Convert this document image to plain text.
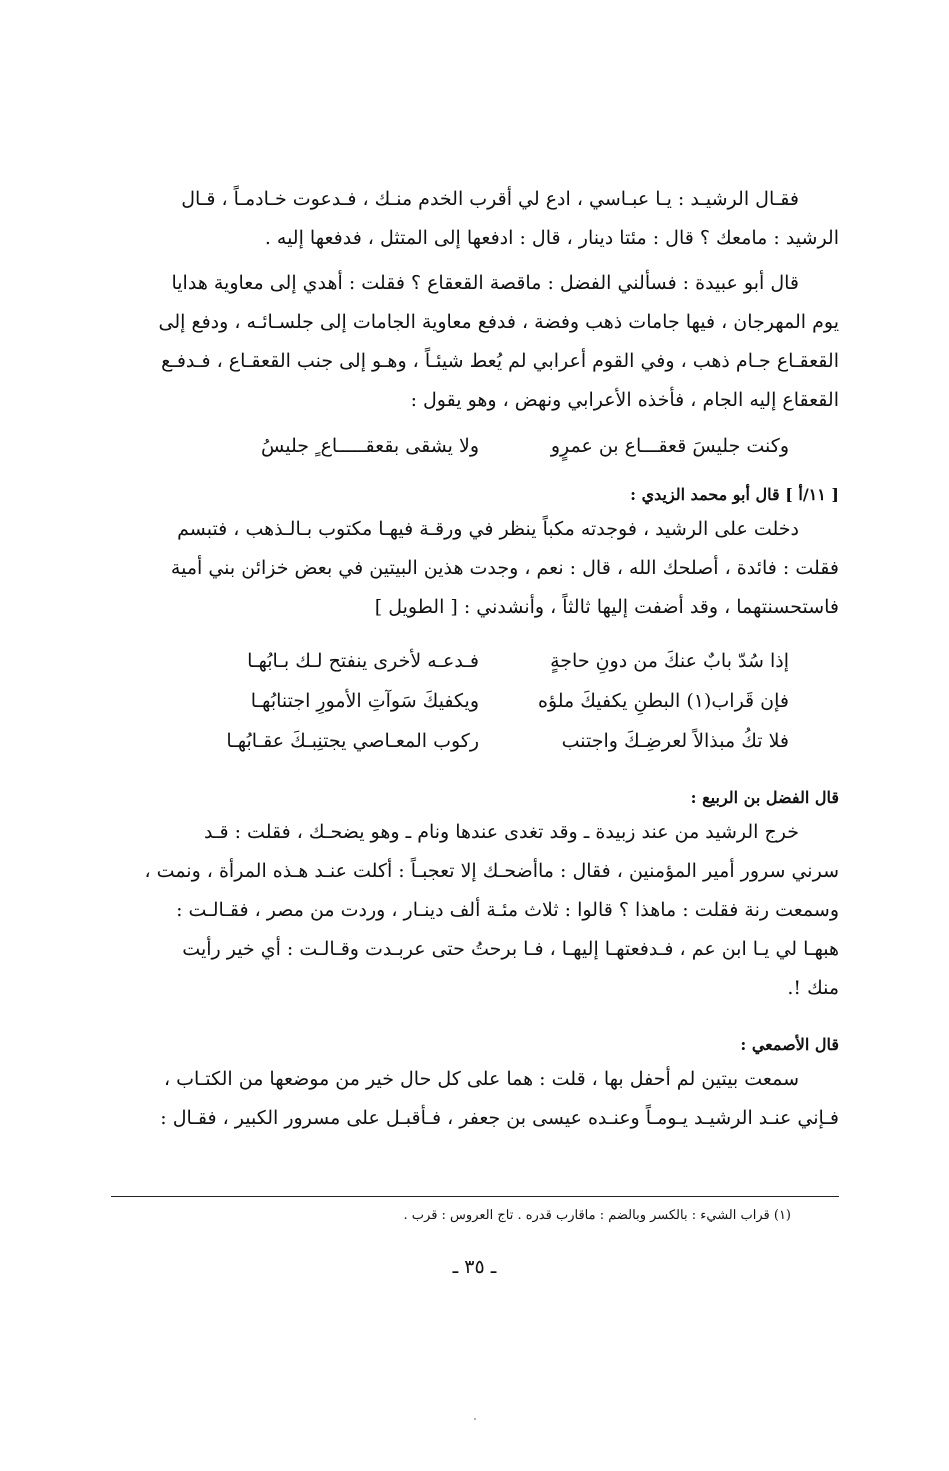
فقـال الرشيـد : يـا عبـاسي ، ادع لي أقرب الخدم منـك ، فـدعوت خـادمـاً ، قـال
الرشيد : مامعك ؟ قال : مئتا دينار ، قال : ادفعها إلى المتثل ، فدفعها إليه .

قال أبو عبيدة : فسألني الفضل : ماقصة القعقاع ؟ فقلت : أهدي إلى معاوية هدايا
يوم المهرجان ، فيها جامات ذهب وفضة ، فدفع معاوية الجامات إلى جلسـائـه ، ودفع إلى
القعقـاع جـام ذهب ، وفي القوم أعرابي لم يُعط شيئـاً ، وهـو إلى جنب القعقـاع ، فـدفـع
القعقاع إليه الجام ، فأخذه الأعرابي ونهض ، وهو يقول :

وكنت جليسَ قعقـــاع بن عمرٍو
ولا يشقى بقعقـــــاع ٍ جليسُ

[ ١١/أ ] قال أبو محمد الزيدي :

دخلت على الرشيد ، فوجدته مكباً ينظر في ورقـة فيهـا مكتوب بـالـذهب ، فتبسم
فقلت : فائدة ، أصلحك الله ، قال : نعم ، وجدت هذين البيتين في بعض خزائن بني أمية
فاستحسنتهما ، وقد أضفت إليها ثالثاً ، وأنشدني : [ الطويل ]

إذا سُدّ بابٌ عنكَ من دونِ حاجةٍ
فـدعـه لأخرى ينفتح لـك بـابُهـا
فإن قَراب(١) البطنِ يكفيكَ ملؤه
ويكفيكَ سَوآتِ الأمورِ اجتنابُهـا
فلا تكُ مبذالاً لعرضِـكَ واجتنب
ركوب المعـاصي يجتنِبـكَ عقـابُهـا

قال الفضل بن الربيع :

خرج الرشيد من عند زبيدة ـ وقد تغدى عندها ونام ـ وهو يضحـك ، فقلت : قـد
سرني سرور أمير المؤمنين ، فقال : ماأضحـك إلا تعجبـاً : أكلت عنـد هـذه المرأة ، ونمت ،
وسمعت رنة فقلت : ماهذا ؟ قالوا : ثلاث مئـة ألف دينـار ، وردت من مصر ، فقـالـت :
هبهـا لي يـا ابن عم ، فـدفعتهـا إليهـا ، فـا برحتُ حتى عربـدت وقـالـت : أي خير رأيت
منك !.

قال الأصمعي :

سمعت بيتين لم أحفل بها ، قلت : هما على كل حال خير من موضعها من الكتـاب ،
فـإني عنـد الرشيـد يـومـاً وعنـده عيسى بن جعفر ، فـأقبـل على مسرور الكبير ، فقـال :

(١) قراب الشيء : بالكسر وبالضم : ماقارب قدره . تاج العروس : قرب .
ـ ٣٥ ـ
